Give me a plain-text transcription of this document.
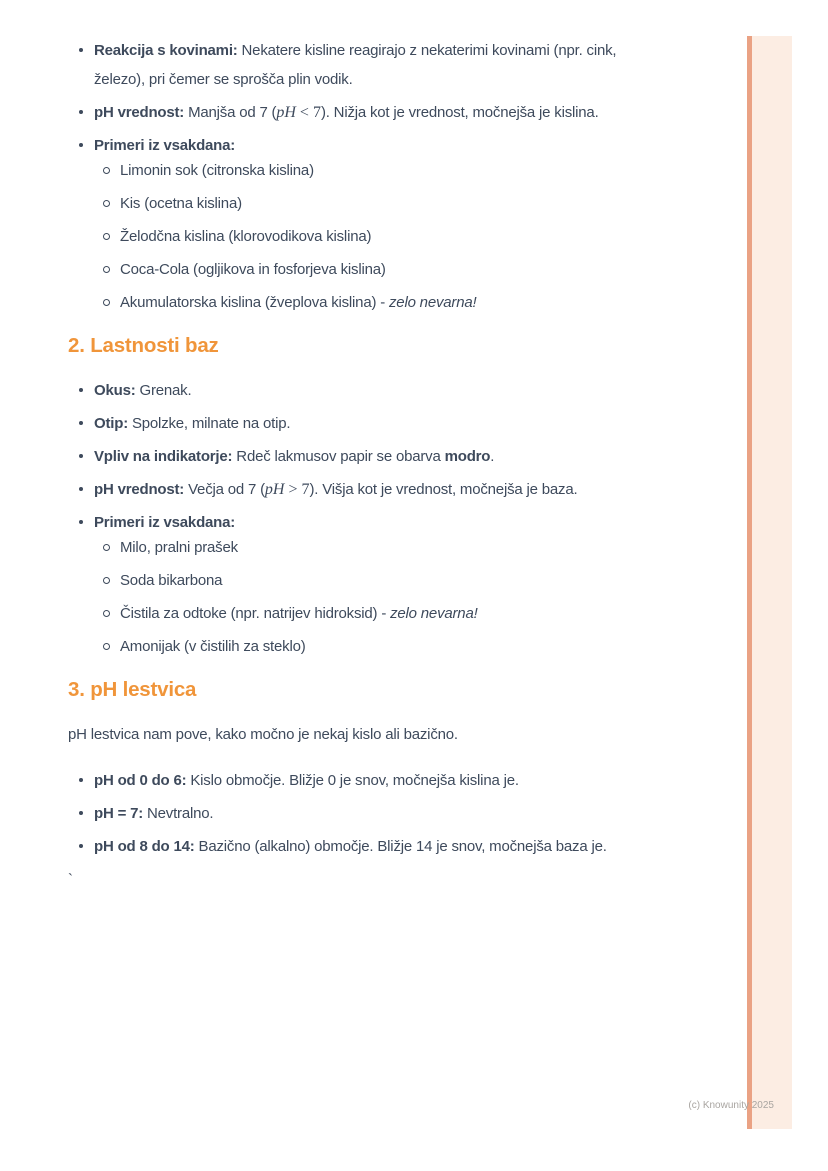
Reakcija s kovinami: Nekatere kisline reagirajo z nekaterimi kovinami (npr. cink, železo), pri čemer se sprošča plin vodik.
pH vrednost: Manjša od 7 (pH < 7). Nižja kot je vrednost, močnejša je kislina.
Primeri iz vsakdana:
Limonin sok (citronska kislina)
Kis (ocetna kislina)
Želodčna kislina (klorovodikova kislina)
Coca-Cola (ogljikova in fosforjeva kislina)
Akumulatorska kislina (žveplova kislina) - zelo nevarna!
2. Lastnosti baz
Okus: Grenak.
Otip: Spolzke, milnate na otip.
Vpliv na indikatorje: Rdeč lakmusov papir se obarva modro.
pH vrednost: Večja od 7 (pH > 7). Višja kot je vrednost, močnejša je baza.
Primeri iz vsakdana:
Milo, pralni prašek
Soda bikarbona
Čistila za odtoke (npr. natrijev hidroksid) - zelo nevarna!
Amonijak (v čistilih za steklo)
3. pH lestvica

pH lestvica nam pove, kako močno je nekaj kislo ali bazično.

pH od 0 do 6: Kislo območje. Bližje 0 je snov, močnejša kislina je.
pH = 7: Nevtralno.
pH od 8 do 14: Bazično (alkalno) območje. Bližje 14 je snov, močnejša baza je.
`
(c) Knowunity 2025
